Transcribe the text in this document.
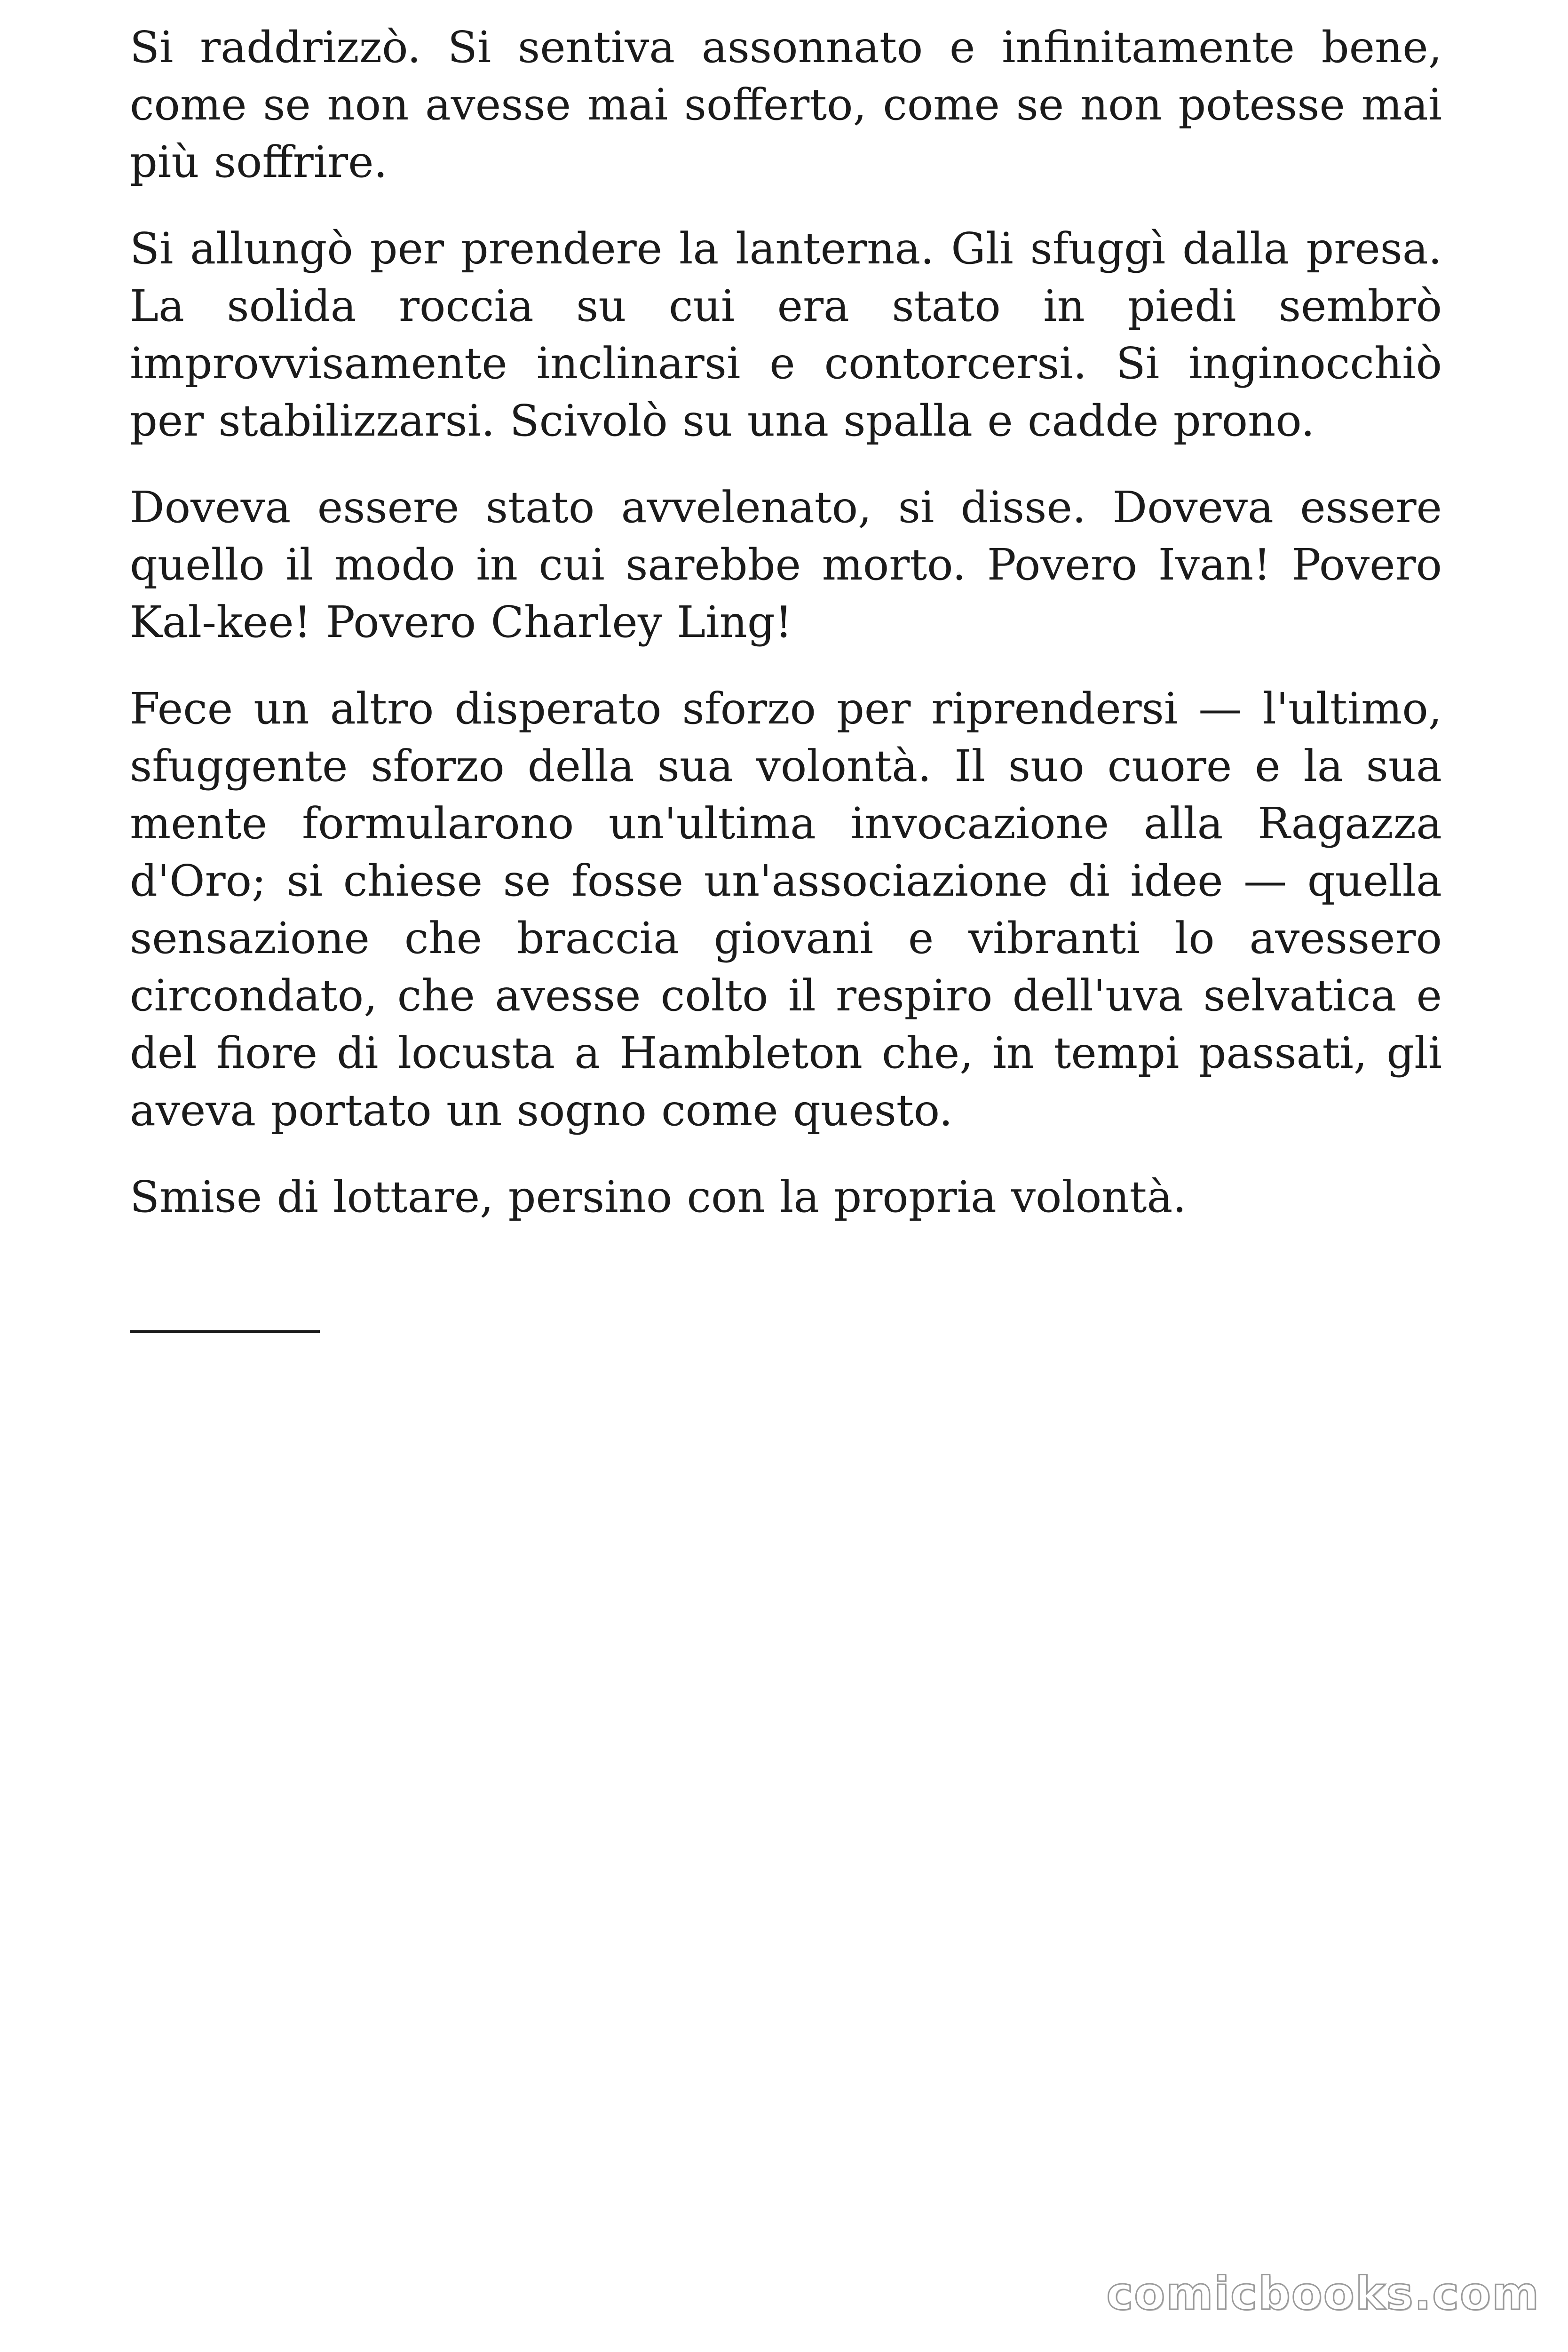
Si raddrizzò. Si sentiva assonnato e infinitamente bene, come se non avesse mai sofferto, come se non potesse mai più soffrire.

Si allungò per prendere la lanterna. Gli sfuggì dalla presa. La solida roccia su cui era stato in piedi sembrò improvvisamente inclinarsi e contorcersi. Si inginocchiò per stabilizzarsi. Scivolò su una spalla e cadde prono.

Doveva essere stato avvelenato, si disse. Doveva essere quello il modo in cui sarebbe morto. Povero Ivan! Povero Kal-kee! Povero Charley Ling!

Fece un altro disperato sforzo per riprendersi — l'ultimo, sfuggente sforzo della sua volontà. Il suo cuore e la sua mente formularono un'ultima invocazione alla Ragazza d'Oro; si chiese se fosse un'associazione di idee — quella sensazione che braccia giovani e vibranti lo avessero circondato, che avesse colto il respiro dell'uva selvatica e del fiore di locusta a Hambleton che, in tempi passati, gli aveva portato un sogno come questo.

Smise di lottare, persino con la propria volontà.

comicbooks.com
